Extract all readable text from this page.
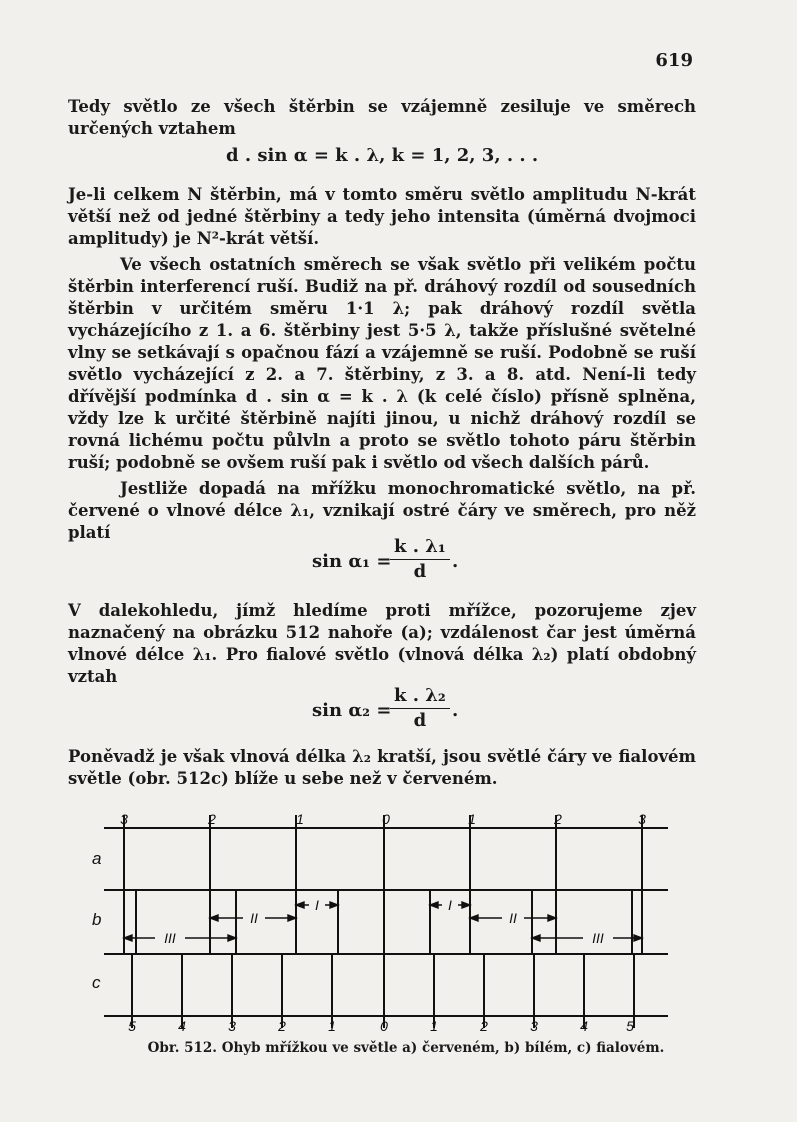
619

Tedy světlo ze všech štěrbin se vzájemně zesiluje ve směrech určených vztahem

d . sin α = k . λ, k = 1, 2, 3, . . .

Je-li celkem N štěrbin, má v tomto směru světlo amplitudu N-krát větší než od jedné štěrbiny a tedy jeho intensita (úměrná dvojmoci amplitudy) je N²-krát větší.

Ve všech ostatních směrech se však světlo při velikém počtu štěrbin interferencí ruší. Budiž na př. dráhový rozdíl od sousedních štěrbin v určitém směru 1·1 λ; pak dráhový rozdíl světla vycházejícího z 1. a 6. štěrbiny jest 5·5 λ, takže příslušné světelné vlny se setkávají s opačnou fází a vzájemně se ruší. Podobně se ruší světlo vycházející z 2. a 7. štěrbiny, z 3. a 8. atd. Není-li tedy dřívější podmínka d . sin α = k . λ (k celé číslo) přísně splněna, vždy lze k určité štěrbině najíti jinou, u nichž dráhový rozdíl se rovná lichému počtu půlvln a proto se světlo tohoto páru štěrbin ruší; podobně se ovšem ruší pak i světlo od všech dalších párů.

Jestliže dopadá na mřížku monochromatické světlo, na př. červené o vlnové délce λ₁, vznikají ostré čáry ve směrech, pro něž platí

sin α₁ =
$\frac{\text{k . λ₁}}{d}$ .

V dalekohledu, jímž hledíme proti mřížce, pozorujeme zjev naznačený na obrázku 512 nahoře (a); vzdálenost čar jest úměrná vlnové délce λ₁. Pro fialové světlo (vlnová délka λ₂) platí obdobný vztah

sin α₂ =
$\frac{\text{k . λ₂}}{d}$ .

Poněvadž je však vlnová délka λ₂ kratší, jsou světlé čáry ve fialovém světle (obr. 512c) blíže u sebe než v červeném.

I
II
III
I
II
III
3	2	1	0	1	2	3
a
b
c
5	4	3	2	1	0	1	2	3	4	5
Obr. 512. Ohyb mřížkou ve světle a) červeném, b) bílém, c) fialovém.
